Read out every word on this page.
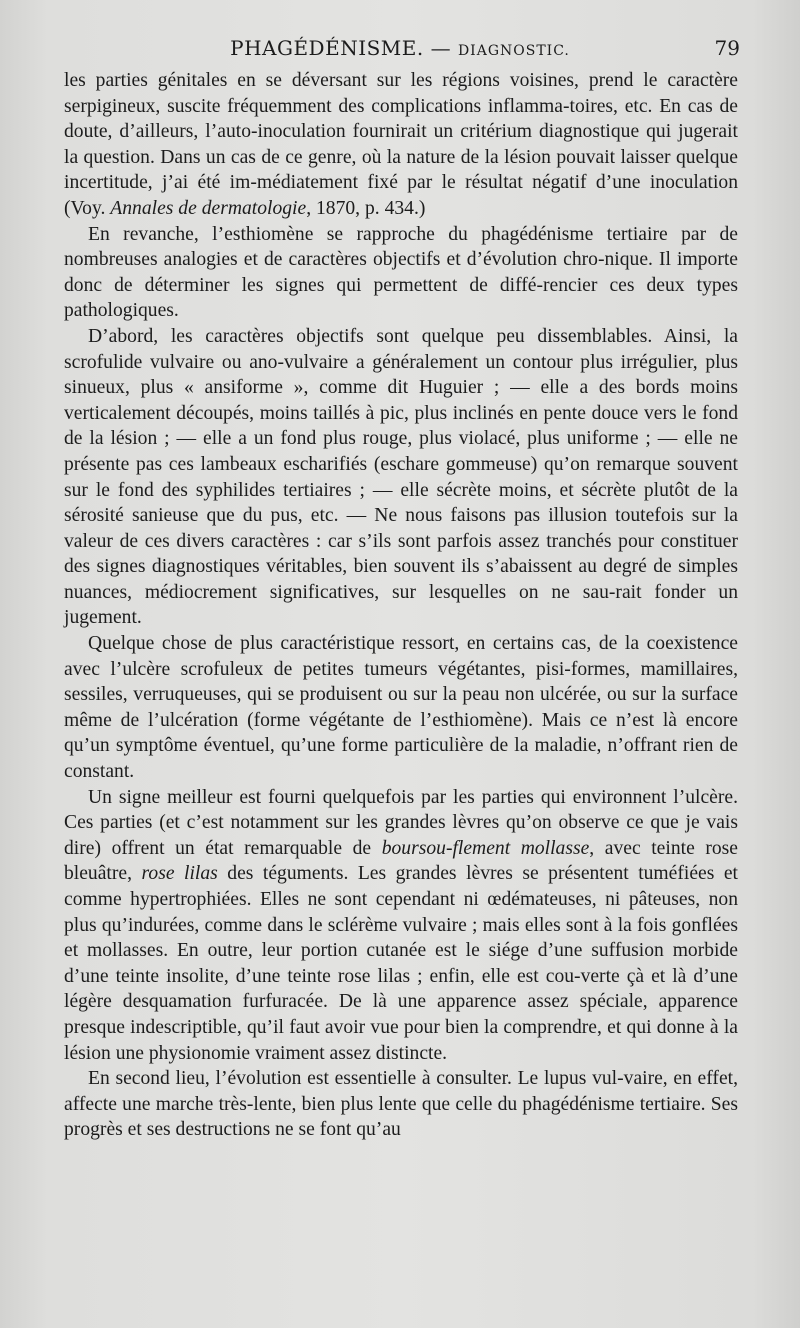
PHAGÉDÉNISME. — DIAGNOSTIC.	79

les parties génitales en se déversant sur les régions voisines, prend le caractère serpigineux, suscite fréquemment des complications inflamma-toires, etc. En cas de doute, d’ailleurs, l’auto-inoculation fournirait un critérium diagnostique qui jugerait la question. Dans un cas de ce genre, où la nature de la lésion pouvait laisser quelque incertitude, j’ai été im-médiatement fixé par le résultat négatif d’une inoculation (Voy. Annales de dermatologie, 1870, p. 434.)

En revanche, l’esthiomène se rapproche du phagédénisme tertiaire par de nombreuses analogies et de caractères objectifs et d’évolution chro-nique. Il importe donc de déterminer les signes qui permettent de diffé-rencier ces deux types pathologiques.

D’abord, les caractères objectifs sont quelque peu dissemblables. Ainsi, la scrofulide vulvaire ou ano-vulvaire a généralement un contour plus irrégulier, plus sinueux, plus « ansiforme », comme dit Huguier ; — elle a des bords moins verticalement découpés, moins taillés à pic, plus inclinés en pente douce vers le fond de la lésion ; — elle a un fond plus rouge, plus violacé, plus uniforme ; — elle ne présente pas ces lambeaux escharifiés (eschare gommeuse) qu’on remarque souvent sur le fond des syphilides tertiaires ; — elle sécrète moins, et sécrète plutôt de la sérosité sanieuse que du pus, etc. — Ne nous faisons pas illusion toutefois sur la valeur de ces divers caractères : car s’ils sont parfois assez tranchés pour constituer des signes diagnostiques véritables, bien souvent ils s’abaissent au degré de simples nuances, médiocrement significatives, sur lesquelles on ne sau-rait fonder un jugement.

Quelque chose de plus caractéristique ressort, en certains cas, de la coexistence avec l’ulcère scrofuleux de petites tumeurs végétantes, pisi-formes, mamillaires, sessiles, verruqueuses, qui se produisent ou sur la peau non ulcérée, ou sur la surface même de l’ulcération (forme végétante de l’esthiomène). Mais ce n’est là encore qu’un symptôme éventuel, qu’une forme particulière de la maladie, n’offrant rien de constant.

Un signe meilleur est fourni quelquefois par les parties qui environnent l’ulcère. Ces parties (et c’est notamment sur les grandes lèvres qu’on observe ce que je vais dire) offrent un état remarquable de boursou-flement mollasse, avec teinte rose bleuâtre, rose lilas des téguments. Les grandes lèvres se présentent tuméfiées et comme hypertrophiées. Elles ne sont cependant ni œdémateuses, ni pâteuses, non plus qu’indurées, comme dans le sclérème vulvaire ; mais elles sont à la fois gonflées et mollasses. En outre, leur portion cutanée est le siége d’une suffusion morbide d’une teinte insolite, d’une teinte rose lilas ; enfin, elle est cou-verte çà et là d’une légère desquamation furfuracée. De là une apparence assez spéciale, apparence presque indescriptible, qu’il faut avoir vue pour bien la comprendre, et qui donne à la lésion une physionomie vraiment assez distincte.

En second lieu, l’évolution est essentielle à consulter. Le lupus vul-vaire, en effet, affecte une marche très-lente, bien plus lente que celle du phagédénisme tertiaire. Ses progrès et ses destructions ne se font qu’au
